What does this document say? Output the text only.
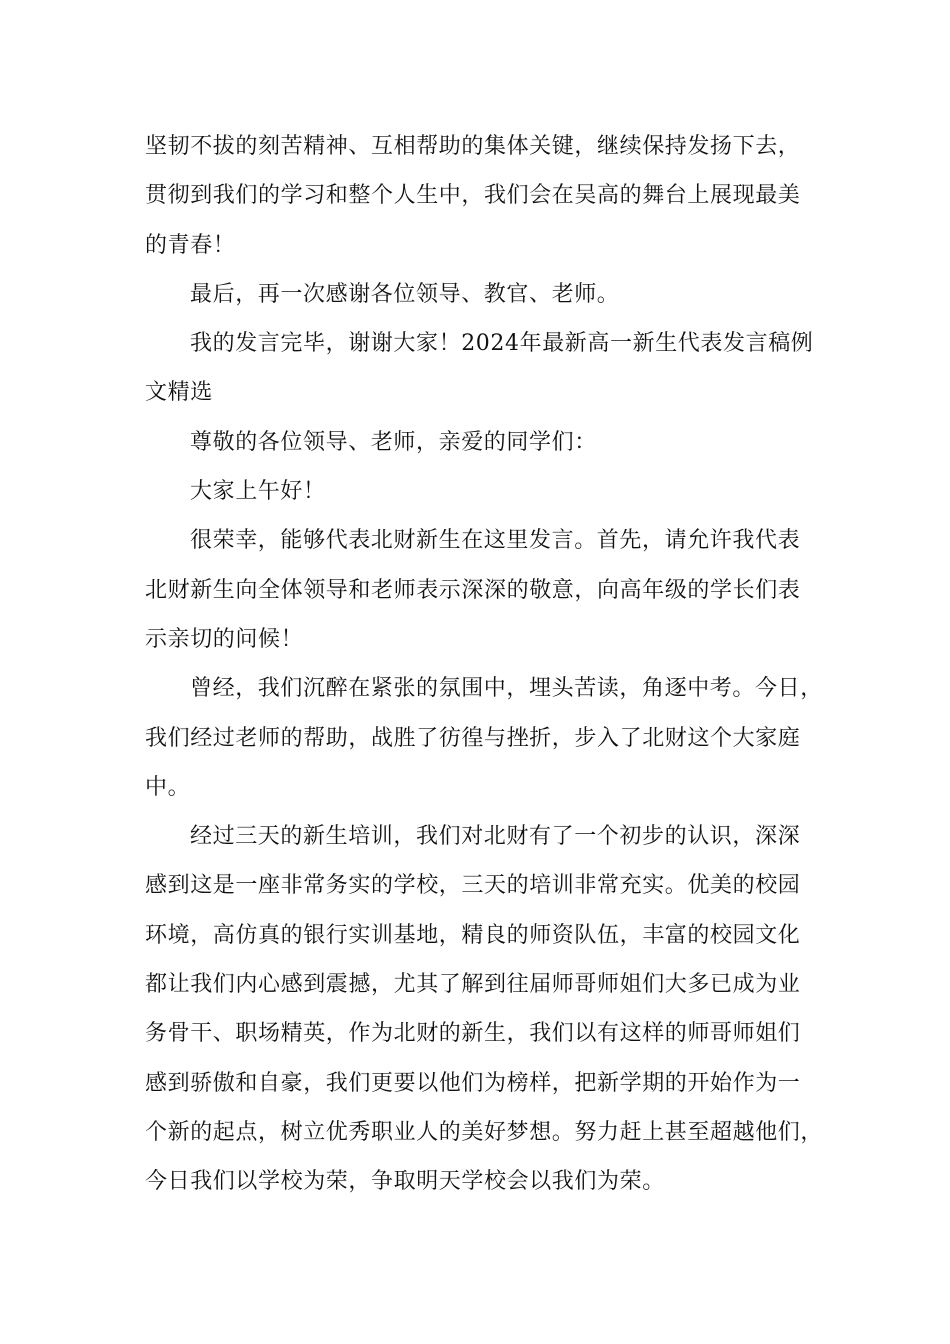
坚韧不拔的刻苦精神、互相帮助的集体关键，继续保持发扬下去，
贯彻到我们的学习和整个人生中，我们会在吴高的舞台上展现最美
的青春！
最后，再一次感谢各位领导、教官、老师。
我的发言完毕，谢谢大家！2024年最新高一新生代表发言稿例
文精选
尊敬的各位领导、老师，亲爱的同学们：
大家上午好！
很荣幸，能够代表北财新生在这里发言。首先，请允许我代表
北财新生向全体领导和老师表示深深的敬意，向高年级的学长们表
示亲切的问候！
曾经，我们沉醉在紧张的氛围中，埋头苦读，角逐中考。今日，
我们经过老师的帮助，战胜了彷徨与挫折，步入了北财这个大家庭
中。
经过三天的新生培训，我们对北财有了一个初步的认识，深深
感到这是一座非常务实的学校，三天的培训非常充实。优美的校园
环境，高仿真的银行实训基地，精良的师资队伍，丰富的校园文化
都让我们内心感到震撼，尤其了解到往届师哥师姐们大多已成为业
务骨干、职场精英，作为北财的新生，我们以有这样的师哥师姐们
感到骄傲和自豪，我们更要以他们为榜样，把新学期的开始作为一
个新的起点，树立优秀职业人的美好梦想。努力赶上甚至超越他们，
今日我们以学校为荣，争取明天学校会以我们为荣。
